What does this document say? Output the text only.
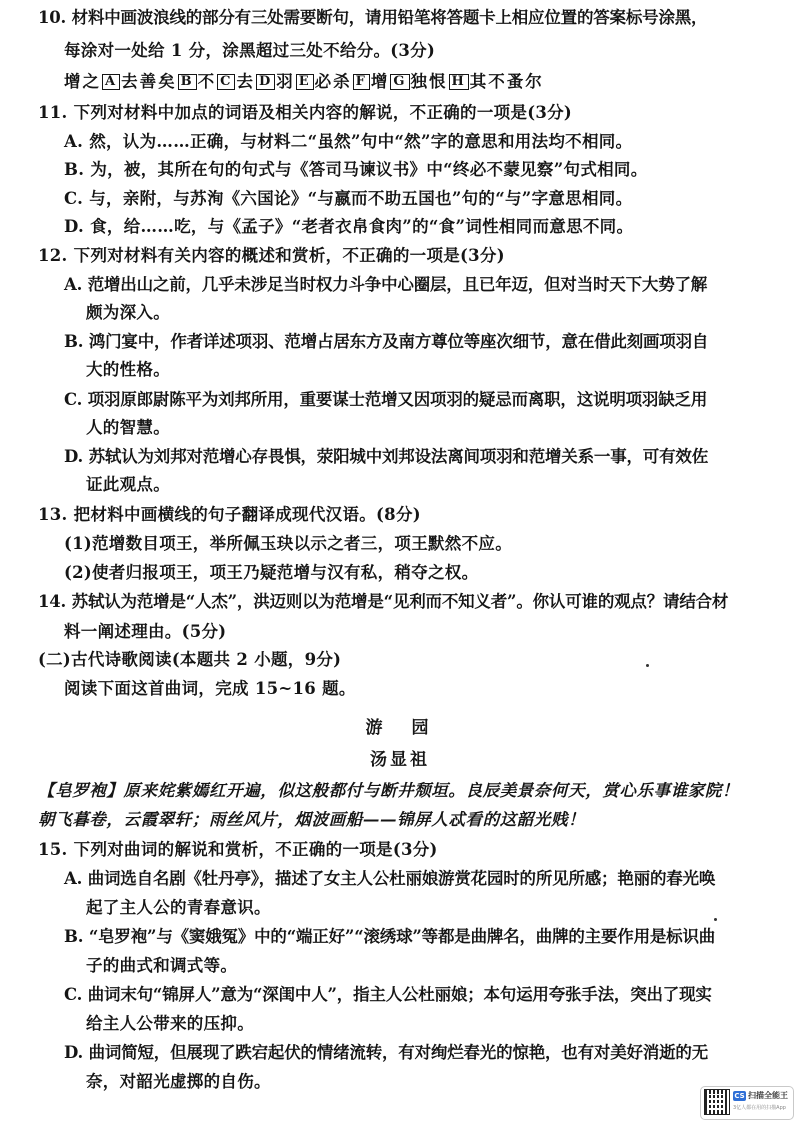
10. 材料中画波浪线的部分有三处需要断句，请用铅笔将答题卡上相应位置的答案标号涂黑，
每涂对一处给 1 分，涂黑超过三处不给分。(3分)
增之 A 去善矣 B 不 C 去 D 羽 E 必杀 F 增 G 独恨 H 其不蚤尔
11. 下列对材料中加点的词语及相关内容的解说，不正确的一项是(3分)
A. 然，认为……正确，与材料二“虽然”句中“然”字的意思和用法均不相同。
B. 为，被，其所在句的句式与《答司马谏议书》中“终必不蒙见察”句式相同。
C. 与，亲附，与苏洵《六国论》“与嬴而不助五国也”句的“与”字意思相同。
D. 食，给……吃，与《孟子》“老者衣帛食肉”的“食”词性相同而意思不同。
12. 下列对材料有关内容的概述和赏析，不正确的一项是(3分)
A. 范增出山之前，几乎未涉足当时权力斗争中心圈层，且已年迈，但对当时天下大势了解
颇为深入。
B. 鸿门宴中，作者详述项羽、范增占居东方及南方尊位等座次细节，意在借此刻画项羽自
大的性格。
C. 项羽原郎尉陈平为刘邦所用，重要谋士范增又因项羽的疑忌而离职，这说明项羽缺乏用
人的智慧。
D. 苏轼认为刘邦对范增心存畏惧，荥阳城中刘邦设法离间项羽和范增关系一事，可有效佐
证此观点。
13. 把材料中画横线的句子翻译成现代汉语。(8分)
(1)范增数目项王，举所佩玉玦以示之者三，项王默然不应。
(2)使者归报项王，项王乃疑范增与汉有私，稍夺之权。
14. 苏轼认为范增是“人杰”，洪迈则以为范增是“见利而不知义者”。你认可谁的观点？请结合材
料一阐述理由。(5分)
(二)古代诗歌阅读(本题共 2 小题，9分)
阅读下面这首曲词，完成 15~16 题。
游　园
汤显祖
【皂罗袍】原来姹紫嫣红开遍，似这般都付与断井颓垣。良辰美景奈何天，赏心乐事谁家院！
朝飞暮卷，云霞翠轩；雨丝风片，烟波画船——锦屏人忒看的这韶光贱！
15. 下列对曲词的解说和赏析，不正确的一项是(3分)
A. 曲词选自名剧《牡丹亭》，描述了女主人公杜丽娘游赏花园时的所见所感；艳丽的春光唤
起了主人公的青春意识。
B. “皂罗袍”与《窦娥冤》中的“端正好”“滚绣球”等都是曲牌名，曲牌的主要作用是标识曲
子的曲式和调式等。
C. 曲词末句“锦屏人”意为“深闺中人”，指主人公杜丽娘；本句运用夸张手法，突出了现实
给主人公带来的压抑。
D. 曲词简短，但展现了跌宕起伏的情绪流转，有对绚烂春光的惊艳，也有对美好消逝的无
奈，对韶光虚掷的自伤。
CS 扫描全能王
3亿人都在用的扫描App
